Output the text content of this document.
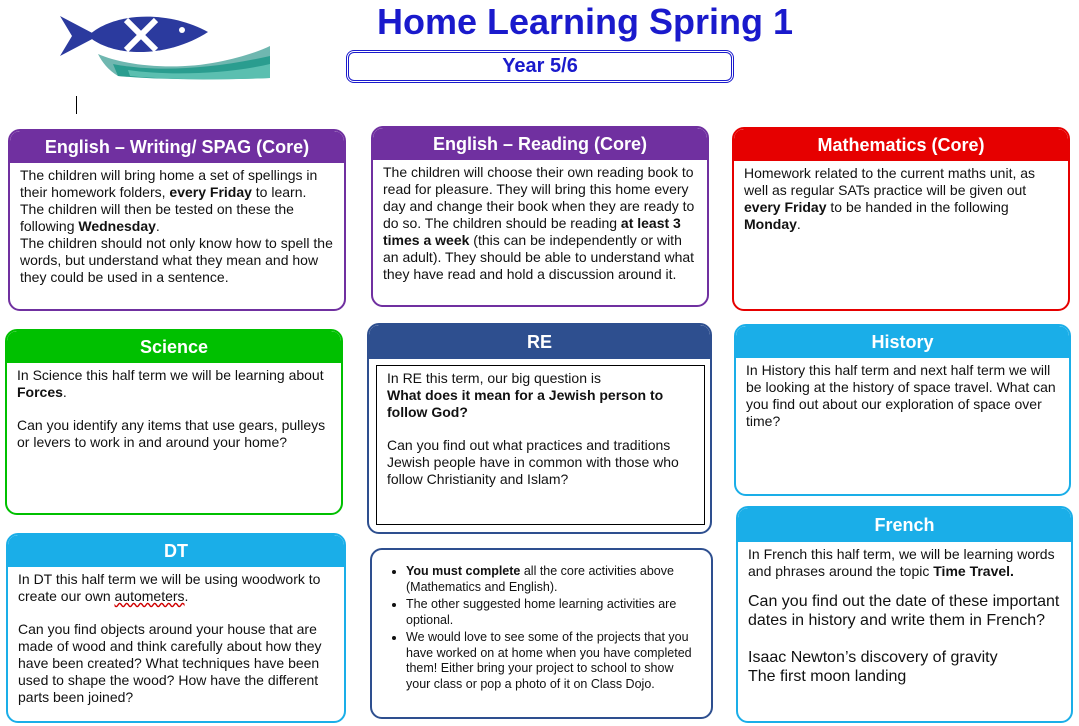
Home Learning Spring 1
Year 5/6
English – Writing/ SPAG (Core)

The children will bring home a set of spellings in their homework folders, every Friday to learn. The children will then be tested on these the following Wednesday.

The children should not only know how to spell the words, but understand what they mean and how they could be used in a sentence.

English – Reading (Core)

The children will choose their own reading book to read for pleasure. They will bring this home every day and change their book when they are ready to do so. The children should be reading at least 3 times a week (this can be independently or with an adult). They should be able to understand what they have read and hold a discussion around it.

Mathematics (Core)

Homework related to the current maths unit, as well as regular SATs practice will be given out every Friday to be handed in the following Monday.

Science

In Science this half term we will be learning about Forces.

Can you identify any items that use gears, pulleys or levers to work in and around your home?

RE

In RE this term, our big question is

What does it mean for a Jewish person to follow God?

Can you find out what practices and traditions Jewish people have in common with those who follow Christianity and Islam?

History

In History this half term and next half term we will be looking at the history of space travel. What can you find out about our exploration of space over time?

DT

In DT this half term we will be using woodwork to create our own autometers.

Can you find objects around your house that are made of wood and think carefully about how they have been created? What techniques have been used to shape the wood? How have the different parts been joined?

• You must complete all the core activities above (Mathematics and English).
• The other suggested home learning activities are optional.
• We would love to see some of the projects that you have worked on at home when you have completed them! Either bring your project to school to show your class or pop a photo of it on Class Dojo.
French

In French this half term, we will be learning words and phrases around the topic Time Travel.

Can you find out the date of these important dates in history and write them in French?

Isaac Newton’s discovery of gravity

The first moon landing
